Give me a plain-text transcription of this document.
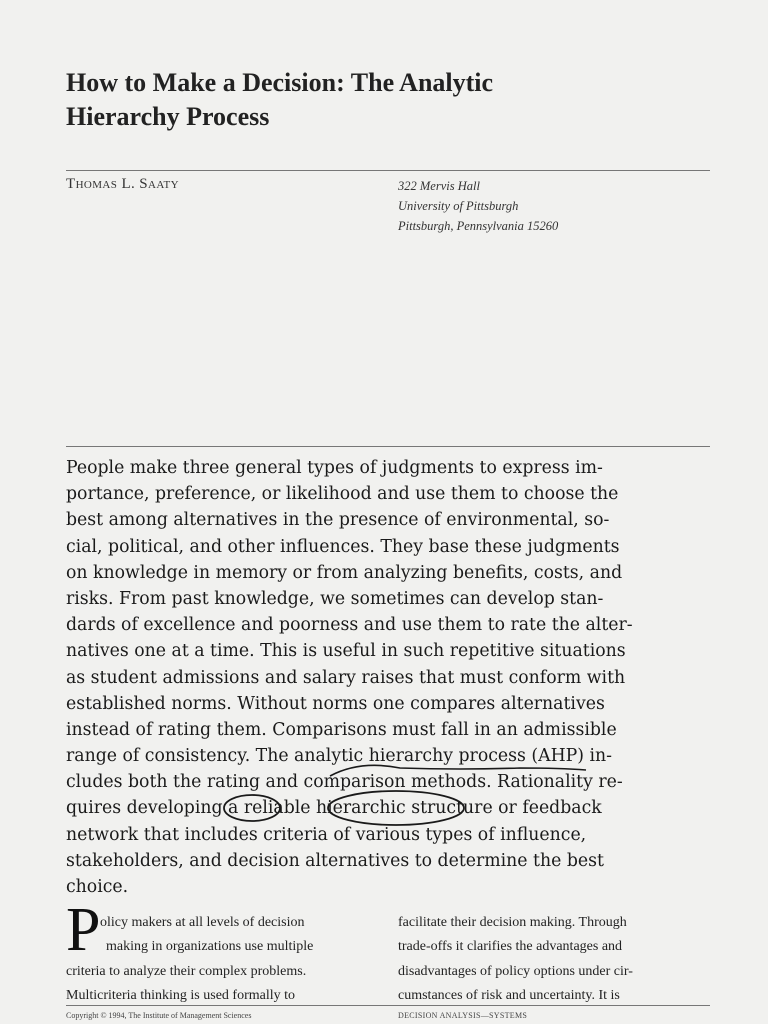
How to Make a Decision: The Analytic
Hierarchy Process
Thomas L. Saaty	322 Mervis Hall
University of Pittsburgh
Pittsburgh, Pennsylvania 15260
People make three general types of judgments to express im-
portance, preference, or likelihood and use them to choose the
best among alternatives in the presence of environmental, so-
cial, political, and other influences. They base these judgments
on knowledge in memory or from analyzing benefits, costs, and
risks. From past knowledge, we sometimes can develop stan-
dards of excellence and poorness and use them to rate the alter-
natives one at a time. This is useful in such repetitive situations
as student admissions and salary raises that must conform with
established norms. Without norms one compares alternatives
instead of rating them. Comparisons must fall in an admissible
range of consistency. The analytic hierarchy process (AHP) in-
cludes both the rating and comparison methods. Rationality re-
quires developing a reliable hierarchic structure or feedback
network that includes criteria of various types of influence,
stakeholders, and decision alternatives to determine the best
choice.
P olicy makers at all levels of decision
making in organizations use multiple
criteria to analyze their complex problems.
Multicriteria thinking is used formally to
facilitate their decision making. Through
trade-offs it clarifies the advantages and
disadvantages of policy options under cir-
cumstances of risk and uncertainty. It is
Copyright © 1994, The Institute of Management Sciences	DECISION ANALYSIS—SYSTEMS
